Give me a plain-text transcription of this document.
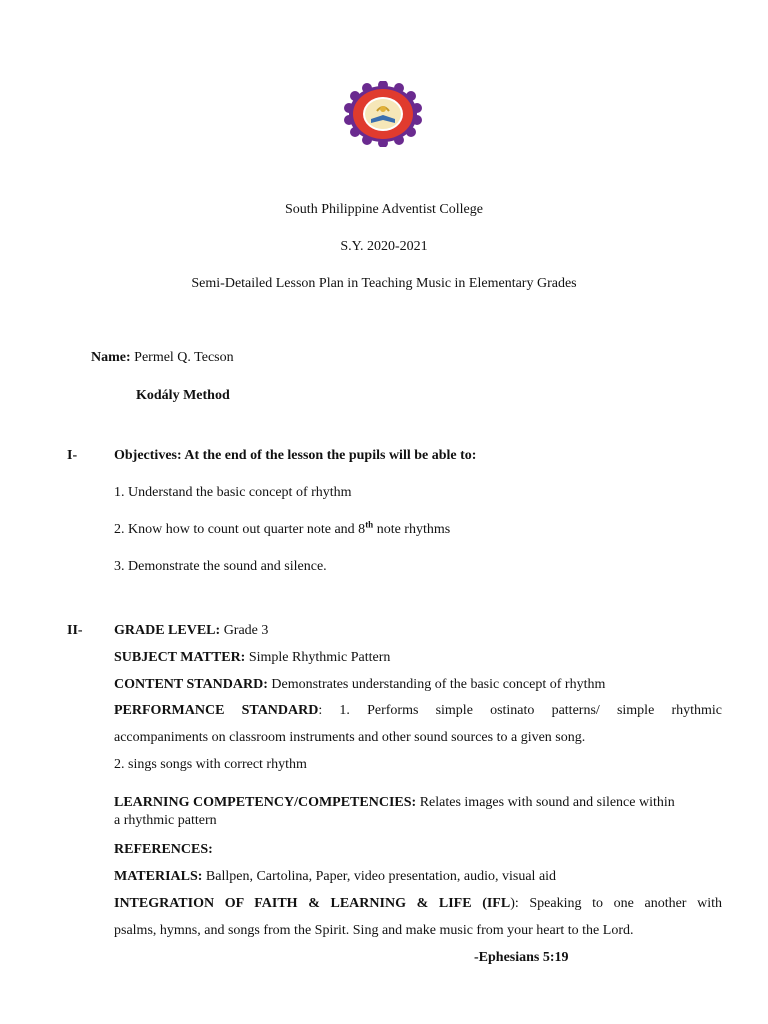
South Philippine Adventist College
S.Y. 2020-2021
Semi-Detailed Lesson Plan in Teaching Music in Elementary Grades
Name: Permel Q. Tecson
Kodály Method
I-	Objectives: At the end of the lesson the pupils will be able to:
1. Understand the basic concept of rhythm
2. Know how to count out quarter note and 8th note rhythms
3. Demonstrate the sound and silence.
II- GRADE LEVEL: Grade 3
SUBJECT MATTER: Simple Rhythmic Pattern
CONTENT STANDARD: Demonstrates understanding of the basic concept of rhythm
PERFORMANCE STANDARD: 1. Performs simple ostinato patterns/ simple rhythmic
accompaniments on classroom instruments and other sound sources to a given song.
2. sings songs with correct rhythm
LEARNING COMPETENCY/COMPETENCIES: Relates images with sound and silence within
a rhythmic pattern
REFERENCES:
MATERIALS: Ballpen, Cartolina, Paper, video presentation, audio, visual aid
INTEGRATION OF FAITH & LEARNING & LIFE (IFL): Speaking to one another with
psalms, hymns, and songs from the Spirit. Sing and make music from your heart to the Lord.
-Ephesians 5:19
